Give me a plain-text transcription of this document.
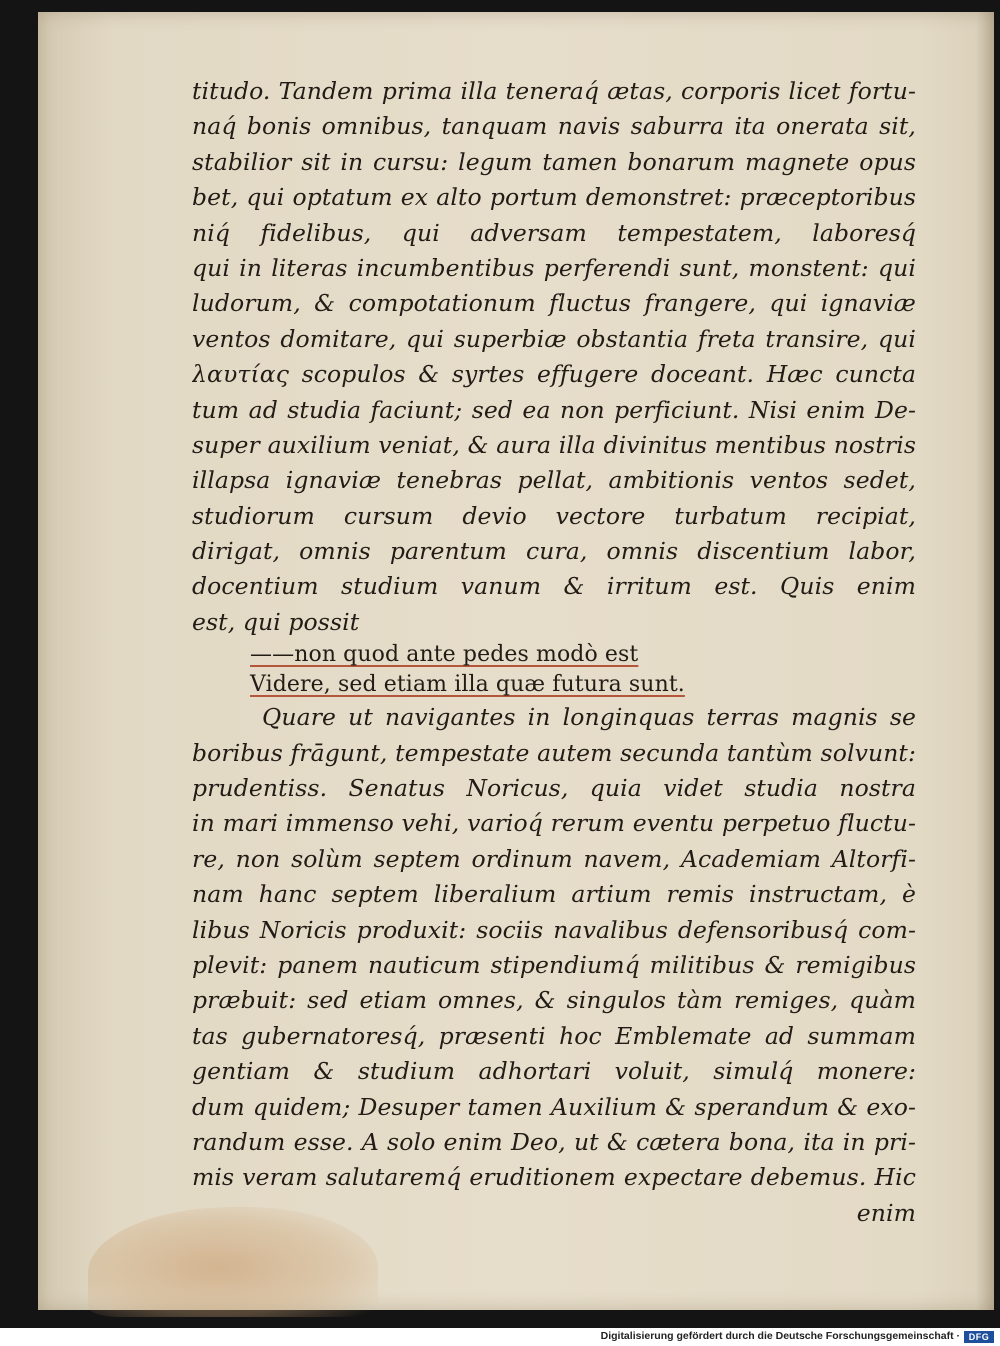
titudo. Tandem prima illa teneraq́ ætas, corporis licet fortu-
naq́ bonis omnibus, tanquam navis saburra ita onerata sit,
stabilior sit in cursu: legum tamen bonarum magnete opus
bet, qui optatum ex alto portum demonstret: præceptoribus
niq́ fidelibus, qui adversam tempestatem, laboresq́
qui in literas incumbentibus perferendi sunt, monstent: qui
ludorum, & compotationum fluctus frangere, qui ignaviæ
ventos domitare, qui superbiæ obstantia freta transire, qui
λαυτίας scopulos & syrtes effugere doceant. Hæc cuncta
tum ad studia faciunt; sed ea non perficiunt. Nisi enim De-
super auxilium veniat, & aura illa divinitus mentibus nostris
illapsa ignaviæ tenebras pellat, ambitionis ventos sedet,
studiorum cursum devio vectore turbatum recipiat,
dirigat, omnis parentum cura, omnis discentium labor,
docentium studium vanum & irritum est. Quis enim
est, qui possit
——non quod ante pedes modò est
Videre, sed etiam illa quæ futura sunt.
Quare ut navigantes in longinquas terras magnis se
boribus frāgunt, tempestate autem secunda tantùm solvunt:
prudentiss. Senatus Noricus, quia videt studia nostra
in mari immenso vehi, varioq́ rerum eventu perpetuo fluctu-
re, non solùm septem ordinum navem, Academiam Altorfi-
nam hanc septem liberalium artium remis instructam, è
libus Noricis produxit: sociis navalibus defensoribusq́ com-
plevit: panem nauticum stipendiumq́ militibus & remigibus
præbuit: sed etiam omnes, & singulos tàm remiges, quàm
tas gubernatoresq́, præsenti hoc Emblemate ad summam
gentiam & studium adhortari voluit, simulq́ monere:
dum quidem; Desuper tamen Auxilium & sperandum & exo-
randum esse. A solo enim Deo, ut & cætera bona, ita in pri-
mis veram salutaremq́ eruditionem expectare debemus. Hic
enim
Digitalisierung gefördert durch die Deutsche Forschungsgemeinschaft · DFG
